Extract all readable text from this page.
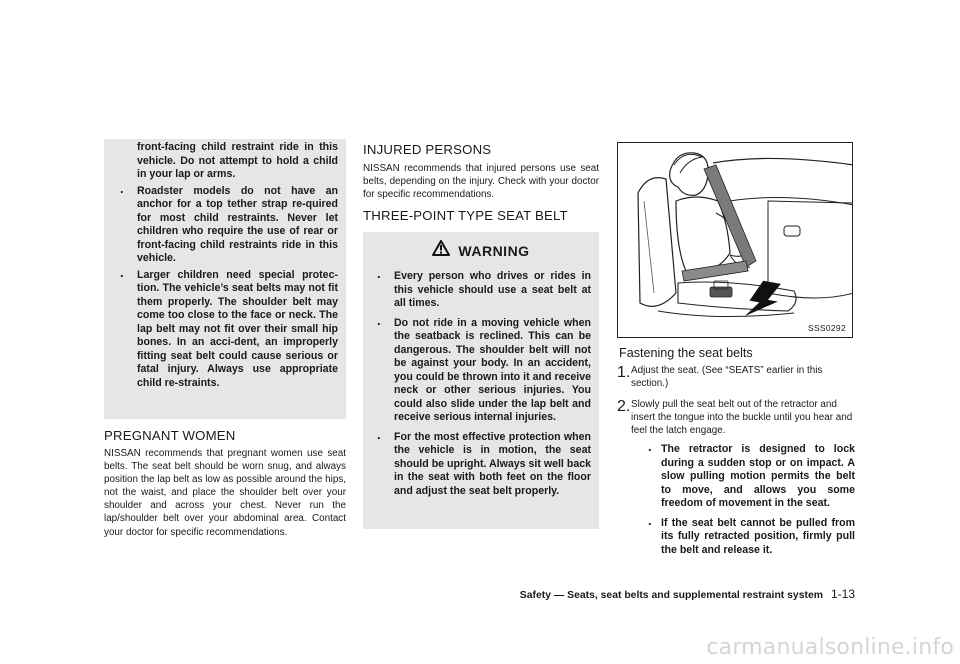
front-facing child restraint ride in this vehicle. Do not attempt to hold a child in your lap or arms.
. Roadster models do not have an anchor for a top tether strap re-quired for most child restraints. Never let children who require the use of rear or front-facing child restraints ride in this vehicle.
. Larger children need special protec-tion. The vehicle’s seat belts may not fit them properly. The shoulder belt may come too close to the face or neck. The lap belt may not fit over their small hip bones. In an acci-dent, an improperly fitting seat belt could cause serious or fatal injury. Always use appropriate child re-straints.
PREGNANT WOMEN

NISSAN recommends that pregnant women use seat belts. The seat belt should be worn snug, and always position the lap belt as low as possible around the hips, not the waist, and place the shoulder belt over your shoulder and across your chest. Never run the lap/shoulder belt over your abdominal area. Contact your doctor for specific recommendations.

INJURED PERSONS

NISSAN recommends that injured persons use seat belts, depending on the injury. Check with your doctor for specific recommendations.

THREE-POINT TYPE SEAT BELT
WARNING
. Every person who drives or rides in this vehicle should use a seat belt at all times.
. Do not ride in a moving vehicle when the seatback is reclined. This can be dangerous. The shoulder belt will not be against your body. In an accident, you could be thrown into it and receive neck or other serious injuries. You could also slide under the lap belt and receive serious internal injuries.
. For the most effective protection when the vehicle is in motion, the seat should be upright. Always sit well back in the seat with both feet on the floor and adjust the seat belt properly.
SSS0292
Fastening the seat belts
1. Adjust the seat. (See “SEATS” earlier in this section.)

2. Slowly pull the seat belt out of the retractor and insert the tongue into the buckle until you hear and feel the latch engage.

. The retractor is designed to lock during a sudden stop or on impact. A slow pulling motion permits the belt to move, and allows you some freedom of movement in the seat.
. If the seat belt cannot be pulled from its fully retracted position, firmly pull the belt and release it.
Safety — Seats, seat belts and supplemental restraint system 1-13
carmanualsonline.info
